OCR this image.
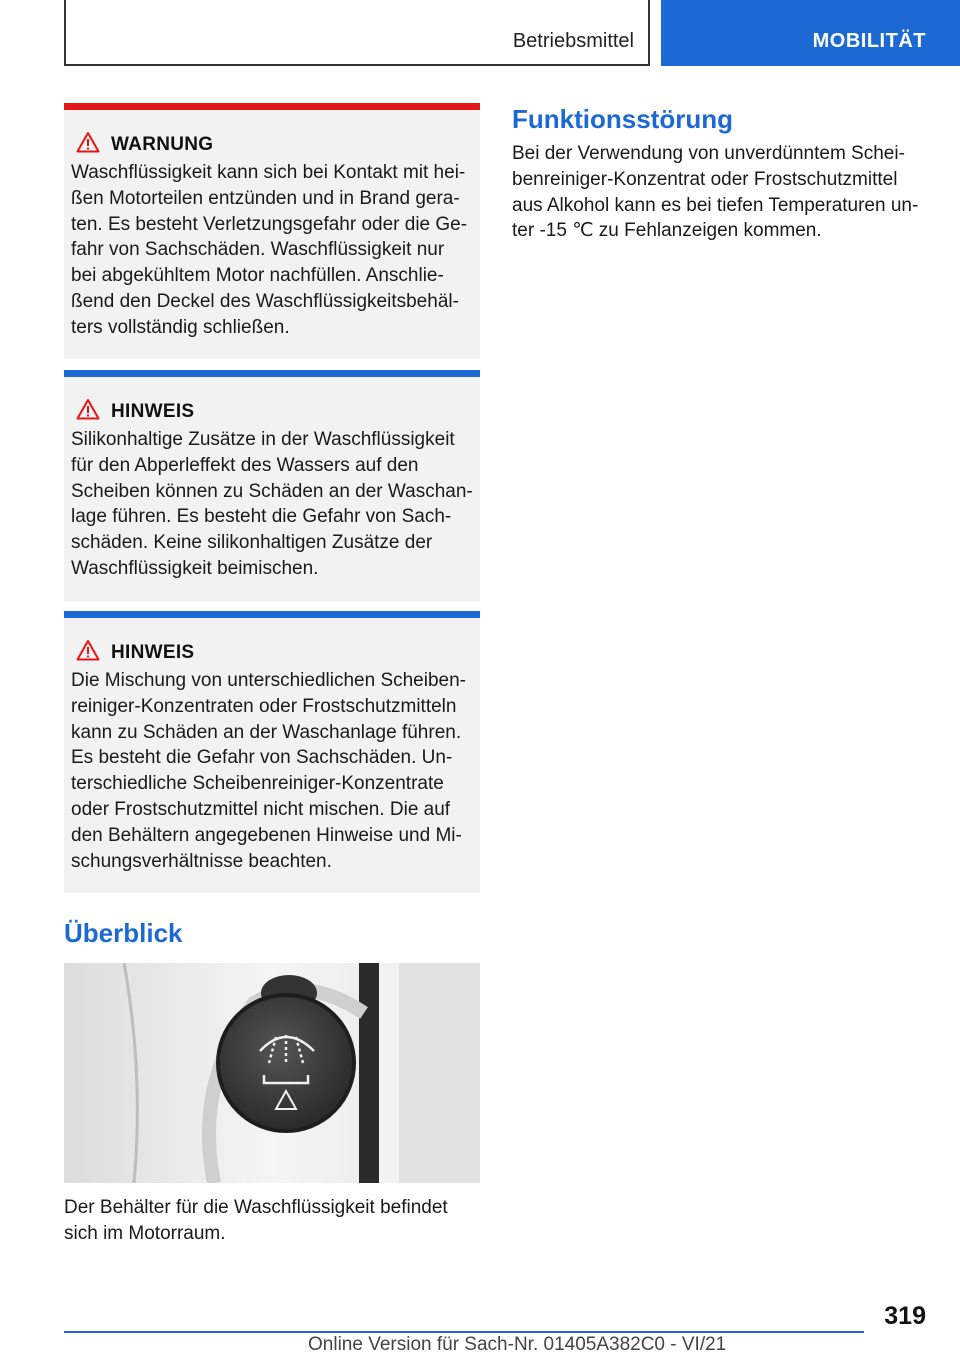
Betriebsmittel	MOBILITÄT
WARNUNG
Waschflüssigkeit kann sich bei Kontakt mit hei-
ßen Motorteilen entzünden und in Brand gera-
ten. Es besteht Verletzungsgefahr oder die Ge-
fahr von Sachschäden. Waschflüssigkeit nur
bei abgekühltem Motor nachfüllen. Anschlie-
ßend den Deckel des Waschflüssigkeitsbehäl-
ters vollständig schließen.
HINWEIS
Silikonhaltige Zusätze in der Waschflüssigkeit
für den Abperleffekt des Wassers auf den
Scheiben können zu Schäden an der Waschan-
lage führen. Es besteht die Gefahr von Sach-
schäden. Keine silikonhaltigen Zusätze der
Waschflüssigkeit beimischen.
HINWEIS
Die Mischung von unterschiedlichen Scheiben-
reiniger-Konzentraten oder Frostschutzmitteln
kann zu Schäden an der Waschanlage führen.
Es besteht die Gefahr von Sachschäden. Un-
terschiedliche Scheibenreiniger-Konzentrate
oder Frostschutzmittel nicht mischen. Die auf
den Behältern angegebenen Hinweise und Mi-
schungsverhältnisse beachten.
Überblick
Der Behälter für die Waschflüssigkeit befindet
sich im Motorraum.
Funktionsstörung
Bei der Verwendung von unverdünntem Schei-
benreiniger-Konzentrat oder Frostschutzmittel
aus Alkohol kann es bei tiefen Temperaturen un-
ter -15 ℃ zu Fehlanzeigen kommen.
319
Online Version für Sach-Nr. 01405A382C0 - VI/21
